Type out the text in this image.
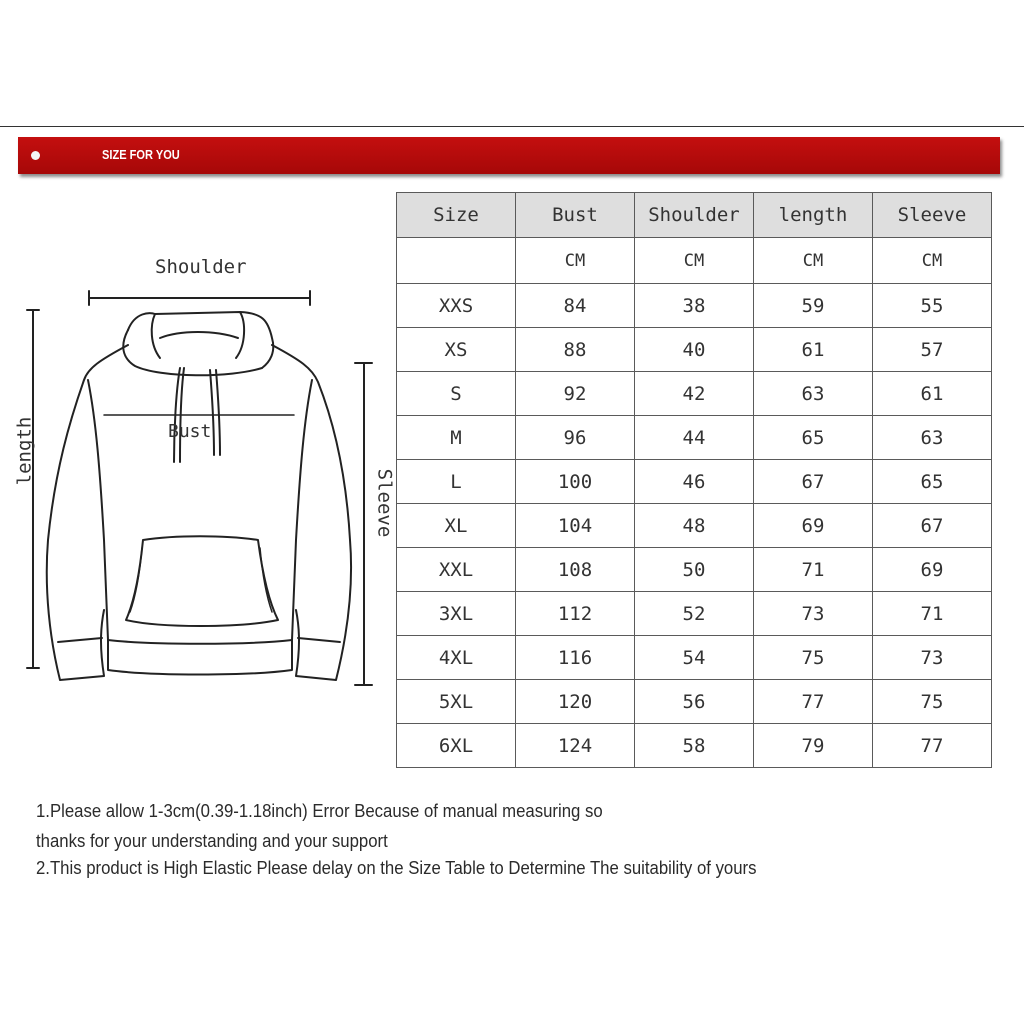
SIZE FOR YOU
Shoulder
length
Sleeve
Bust
Size	Bust	Shoulder	length	Sleeve
	CM	CM	CM	CM
XXS	84	38	59	55
XS	88	40	61	57
S	92	42	63	61
M	96	44	65	63
L	100	46	67	65
XL	104	48	69	67
XXL	108	50	71	69
3XL	112	52	73	71
4XL	116	54	75	73
5XL	120	56	77	75
6XL	124	58	79	77
1.Please allow 1-3cm(0.39-1.18inch) Error Because of manual measuring so
thanks for your understanding and your support
2.This product is High Elastic Please delay on the Size Table to Determine The suitability of yours
